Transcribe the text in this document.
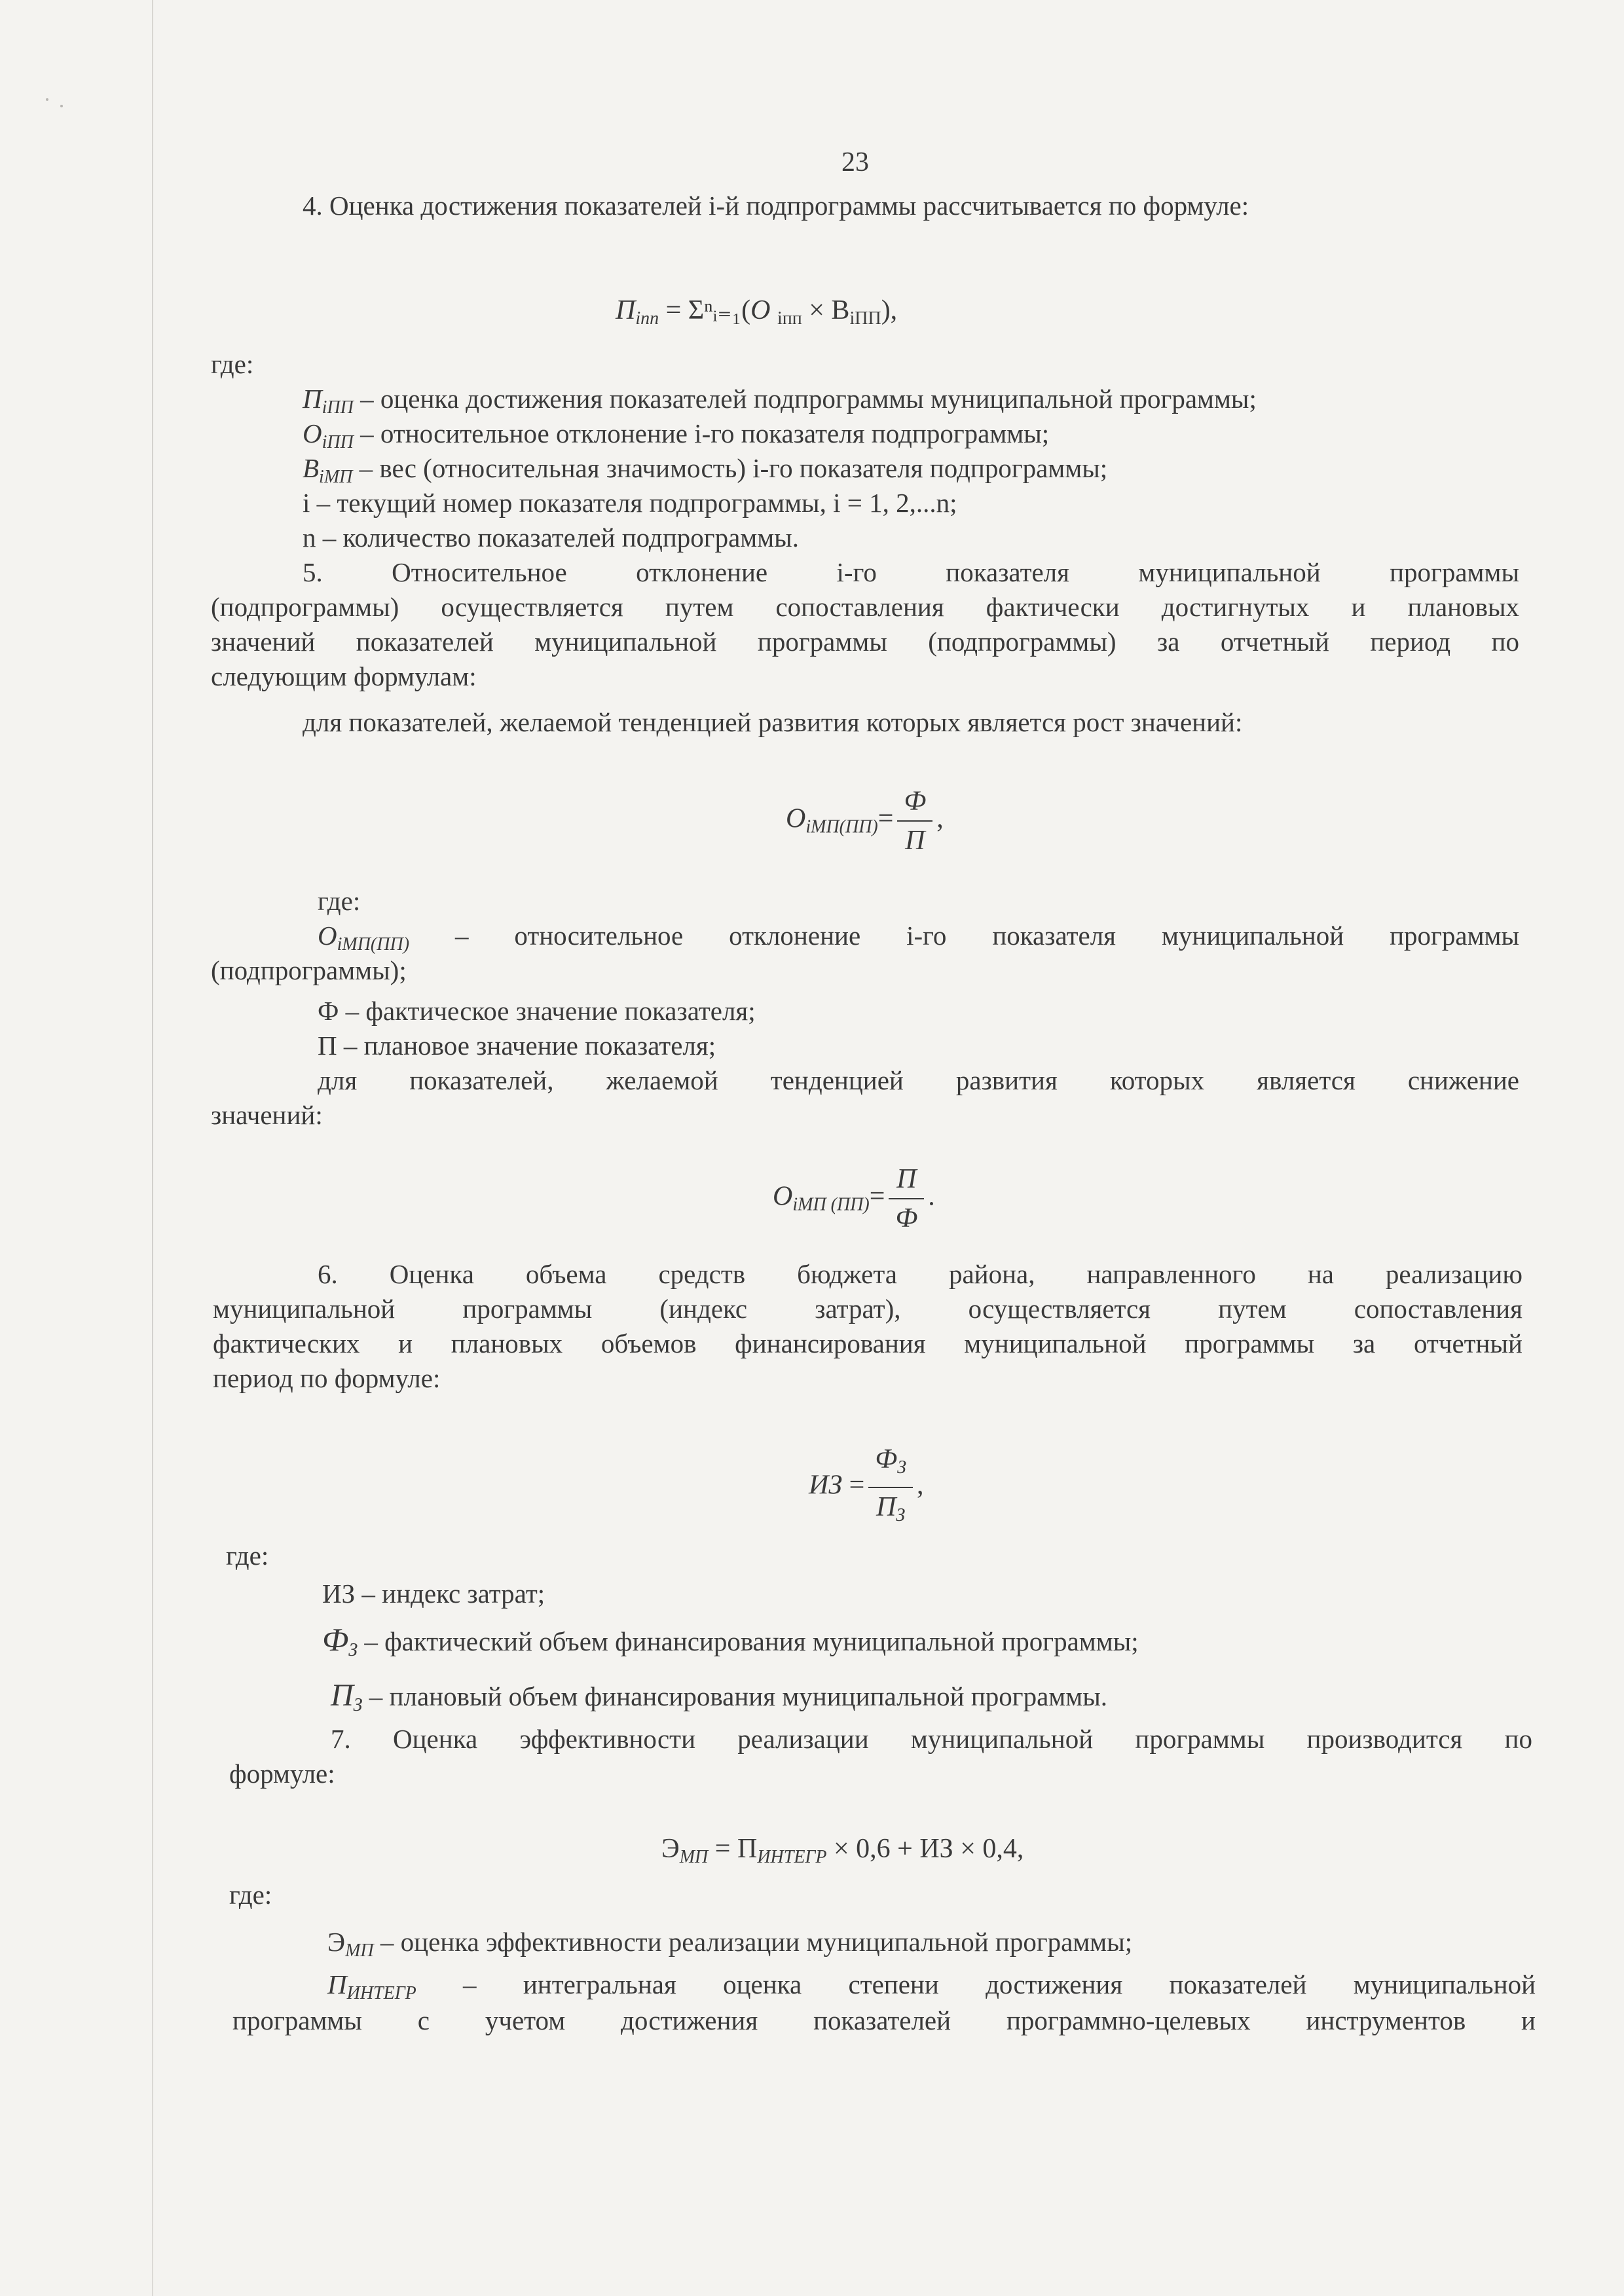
23
4. Оценка достижения показателей i-й подпрограммы рассчитывается по формуле:
$П_{iпп}$ = Σⁿᵢ₌₁(О $_{iпп} \times В_{iПП}$),
где:
$П_{iПП}$ – оценка достижения показателей подпрограммы муниципальной программы;
$О_{iПП}$ – относительное отклонение i-го показателя подпрограммы;
$В_{iМП}$ – вес (относительная значимость) i-го показателя подпрограммы;
i – текущий номер показателя подпрограммы, i = 1, 2,...n;
n – количество показателей подпрограммы.
5. Относительное отклонение i-го показателя муниципальной программы
(подпрограммы) осуществляется путем сопоставления фактически достигнутых и плановых
значений показателей муниципальной программы (подпрограммы) за отчетный период по
следующим формулам:
для показателей, желаемой тенденцией развития которых является рост значений:
$О_{iМП(ПП)}= \frac{Ф}{П}$ ,
где:
$О_{iМП(ПП)}$ – относительное отклонение i-го показателя муниципальной программы
(подпрограммы);
Ф – фактическое значение показателя;
П – плановое значение показателя;
для показателей, желаемой тенденцией развития которых является снижение
значений:
$О_{iМП (ПП)}= \frac{П}{Ф}$ .
6. Оценка объема средств бюджета района, направленного на реализацию
муниципальной программы (индекс затрат), осуществляется путем сопоставления
фактических и плановых объемов финансирования муниципальной программы за отчетный
период по формуле:
ИЗ = $\frac{Ф_З}{П_З}$ ,
где:
ИЗ – индекс затрат;
$Ф_З$ – фактический объем финансирования муниципальной программы;
$П_З$ – плановый объем финансирования муниципальной программы.
7. Оценка эффективности реализации муниципальной программы производится по
формуле:
$Э_{МП} = П_{ИНТЕГР} \times 0,6$ + ИЗ × 0,4,
где:
$Э_{МП}$ – оценка эффективности реализации муниципальной программы;
$П_{ИНТЕГР}$ – интегральная оценка степени достижения показателей муниципальной
программы с учетом достижения показателей программно-целевых инструментов и
